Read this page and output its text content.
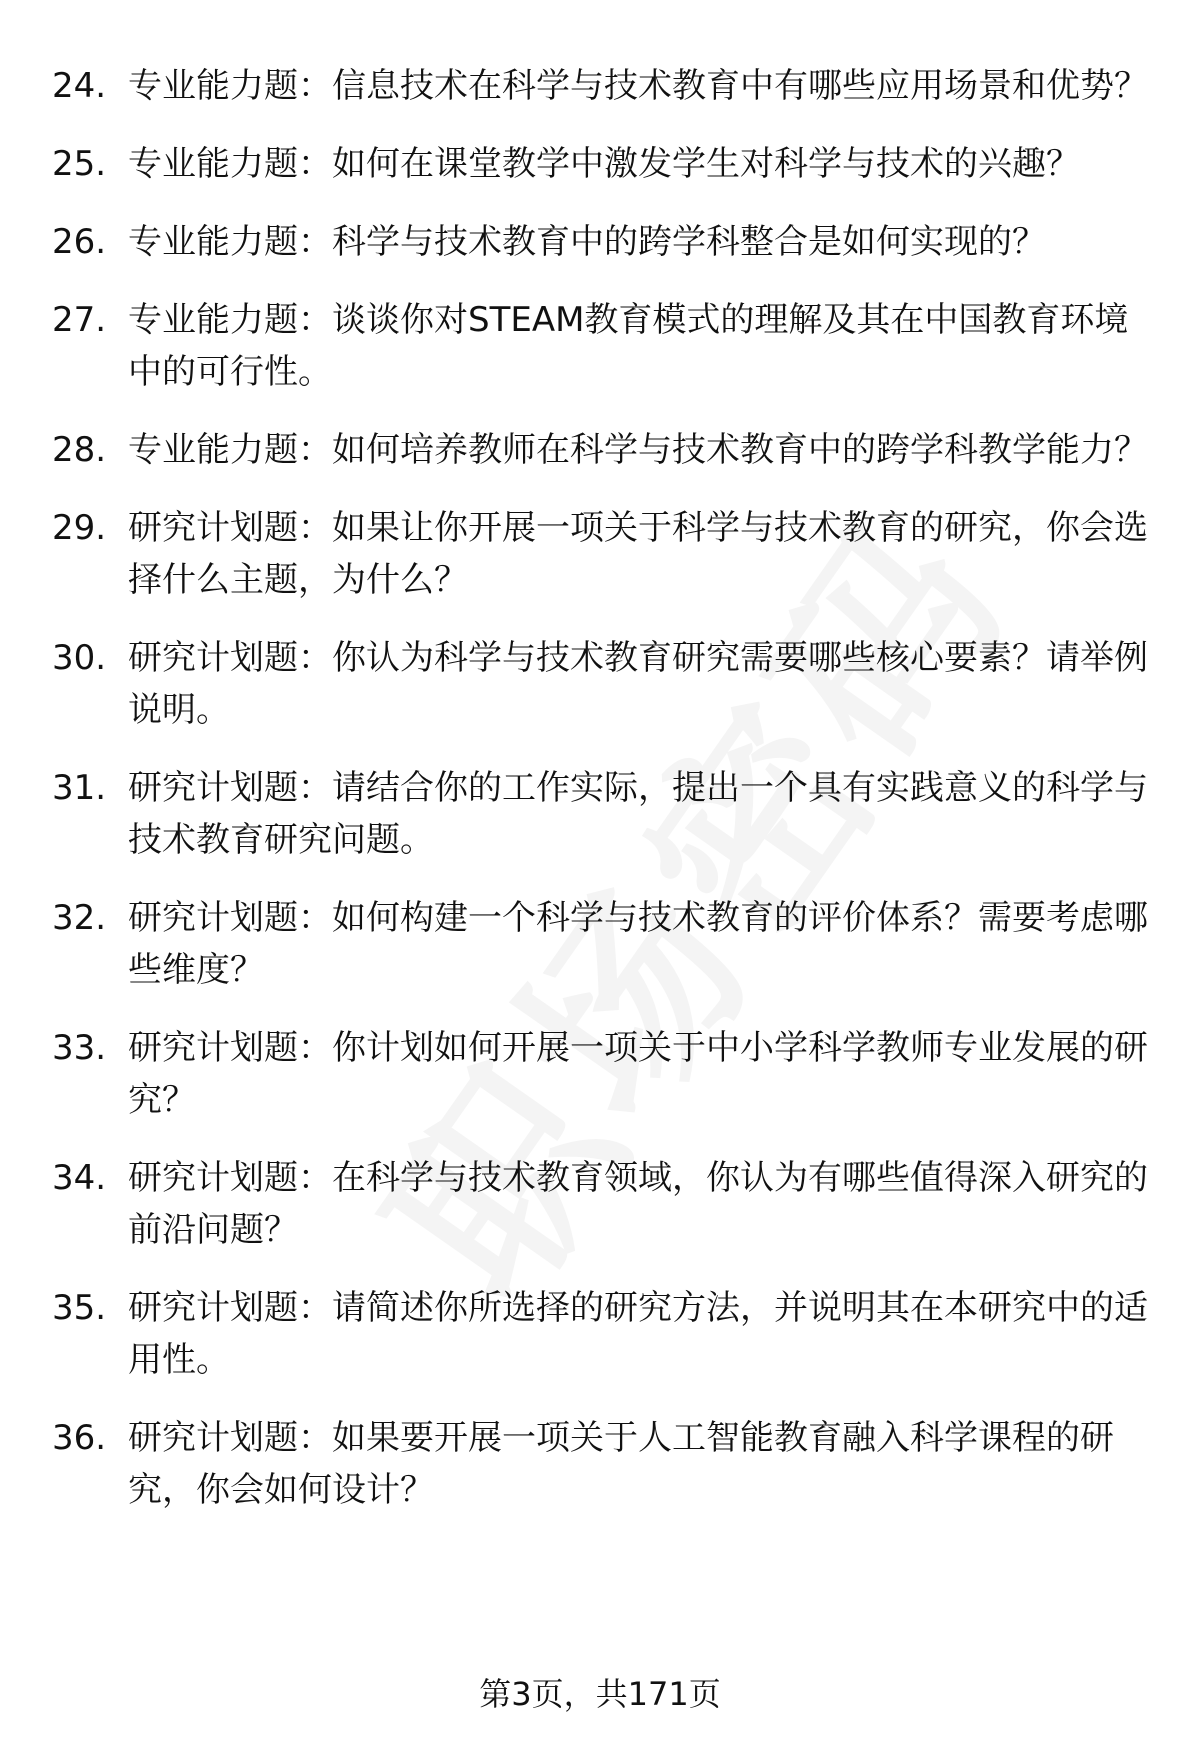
24. 专业能力题：信息技术在科学与技术教育中有哪些应用场景和优势？
25. 专业能力题：如何在课堂教学中激发学生对科学与技术的兴趣？
26. 专业能力题：科学与技术教育中的跨学科整合是如何实现的？
27. 专业能力题：谈谈你对STEAM教育模式的理解及其在中国教育环境中的可行性。
28. 专业能力题：如何培养教师在科学与技术教育中的跨学科教学能力？
29. 研究计划题：如果让你开展一项关于科学与技术教育的研究，你会选择什么主题，为什么？
30. 研究计划题：你认为科学与技术教育研究需要哪些核心要素？请举例说明。
31. 研究计划题：请结合你的工作实际，提出一个具有实践意义的科学与技术教育研究问题。
32. 研究计划题：如何构建一个科学与技术教育的评价体系？需要考虑哪些维度？
33. 研究计划题：你计划如何开展一项关于中小学科学教师专业发展的研究？
34. 研究计划题：在科学与技术教育领域，你认为有哪些值得深入研究的前沿问题？
35. 研究计划题：请简述你所选择的研究方法，并说明其在本研究中的适用性。
36. 研究计划题：如果要开展一项关于人工智能教育融入科学课程的研究，你会如何设计？
第3页，共171页
